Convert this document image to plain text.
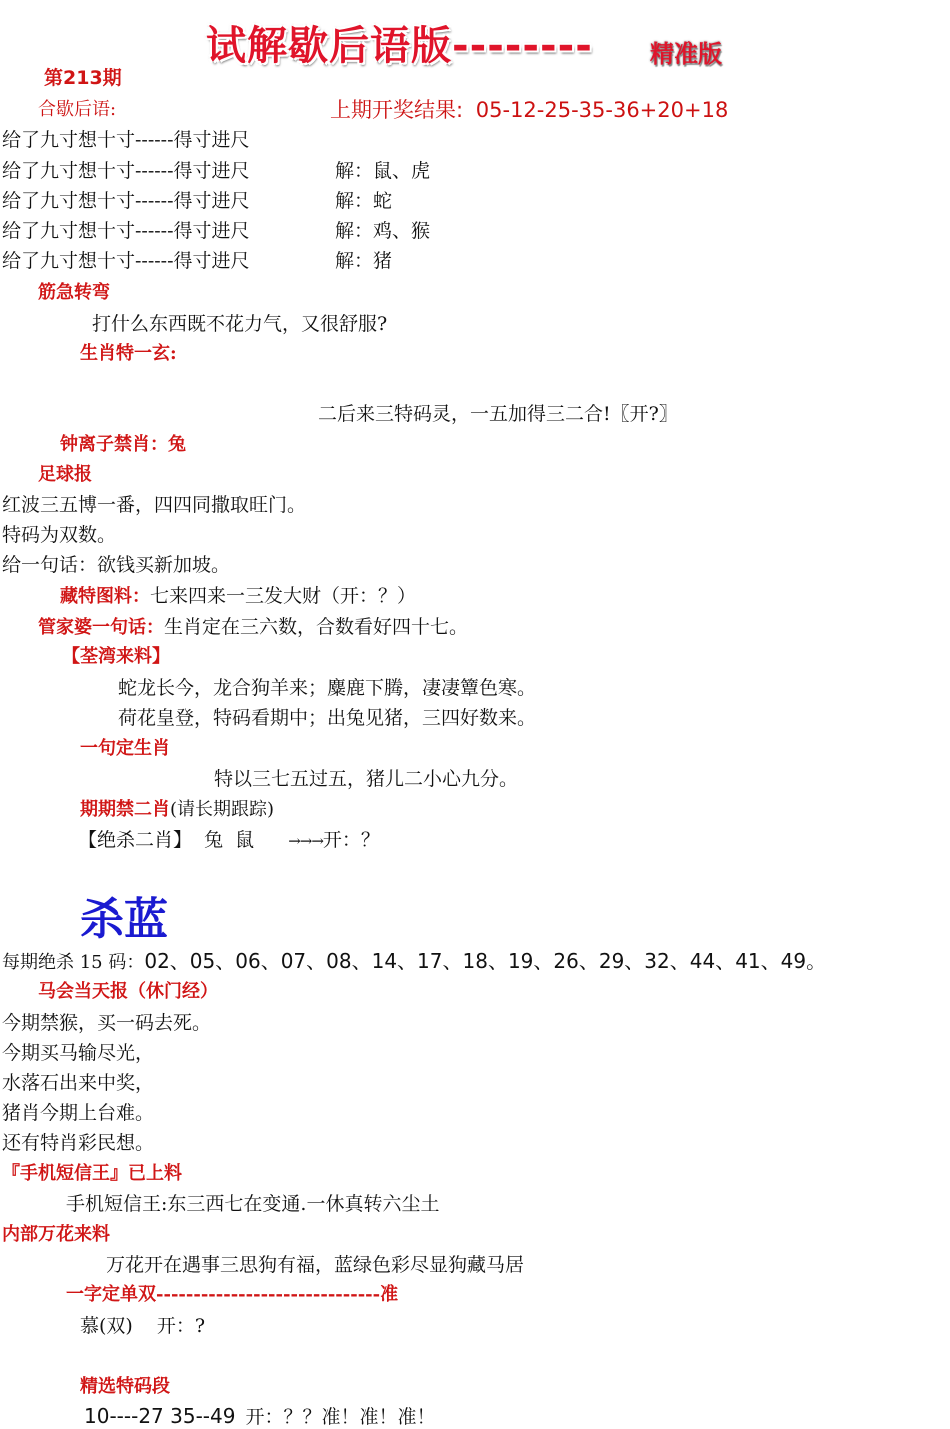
试解歇后语版-------- 精准版
第213期
合歇后语:	上期开奖结果: 05-12-25-35-36+20+18
给了九寸想十寸------得寸进尺
给了九寸想十寸------得寸进尺	解：鼠、虎
给了九寸想十寸------得寸进尺	解：蛇
给了九寸想十寸------得寸进尺	解：鸡、猴
给了九寸想十寸------得寸进尺	解：猪
筋急转弯
打什么东西既不花力气，又很舒服?
生肖特一玄:
二后来三特码灵，一五加得三二合!〖开?〗
钟离子禁肖：兔
足球报
红波三五博一番，四四同撒取旺门。
特码为双数。
给一句话：欲钱买新加坡。
藏特图料：七来四来一三发大财（开：？）
管家婆一句话：生肖定在三六数，合数看好四十七。
【荃湾来料】
蛇龙长今，龙合狗羊来；麋鹿下腾，凄凄簟色寒。
荷花皇登，特码看期中；出兔见猪，三四好数来。
一句定生肖
特以三七五过五，猪儿二小心九分。
期期禁二肖(请长期跟踪)
【绝杀二肖】 兔  鼠 →→→开：？
杀蓝
每期绝杀 15 码：02、05、06、07、08、14、17、18、19、26、29、32、44、41、49。
马会当天报（休门经）
今期禁猴，买一码去死。
今期买马输尽光，
水落石出来中奖，
猪肖今期上台难。
还有特肖彩民想。
『手机短信王』已上料
手机短信王:东三西七在变通.一休真转六尘土
内部万花来料
万花开在遇事三思狗有福，蓝绿色彩尽显狗藏马居
一字定单双------------------------------准
慕(双) 开：?
精选特码段
10----27 35--49 开：？？准！准！准！
